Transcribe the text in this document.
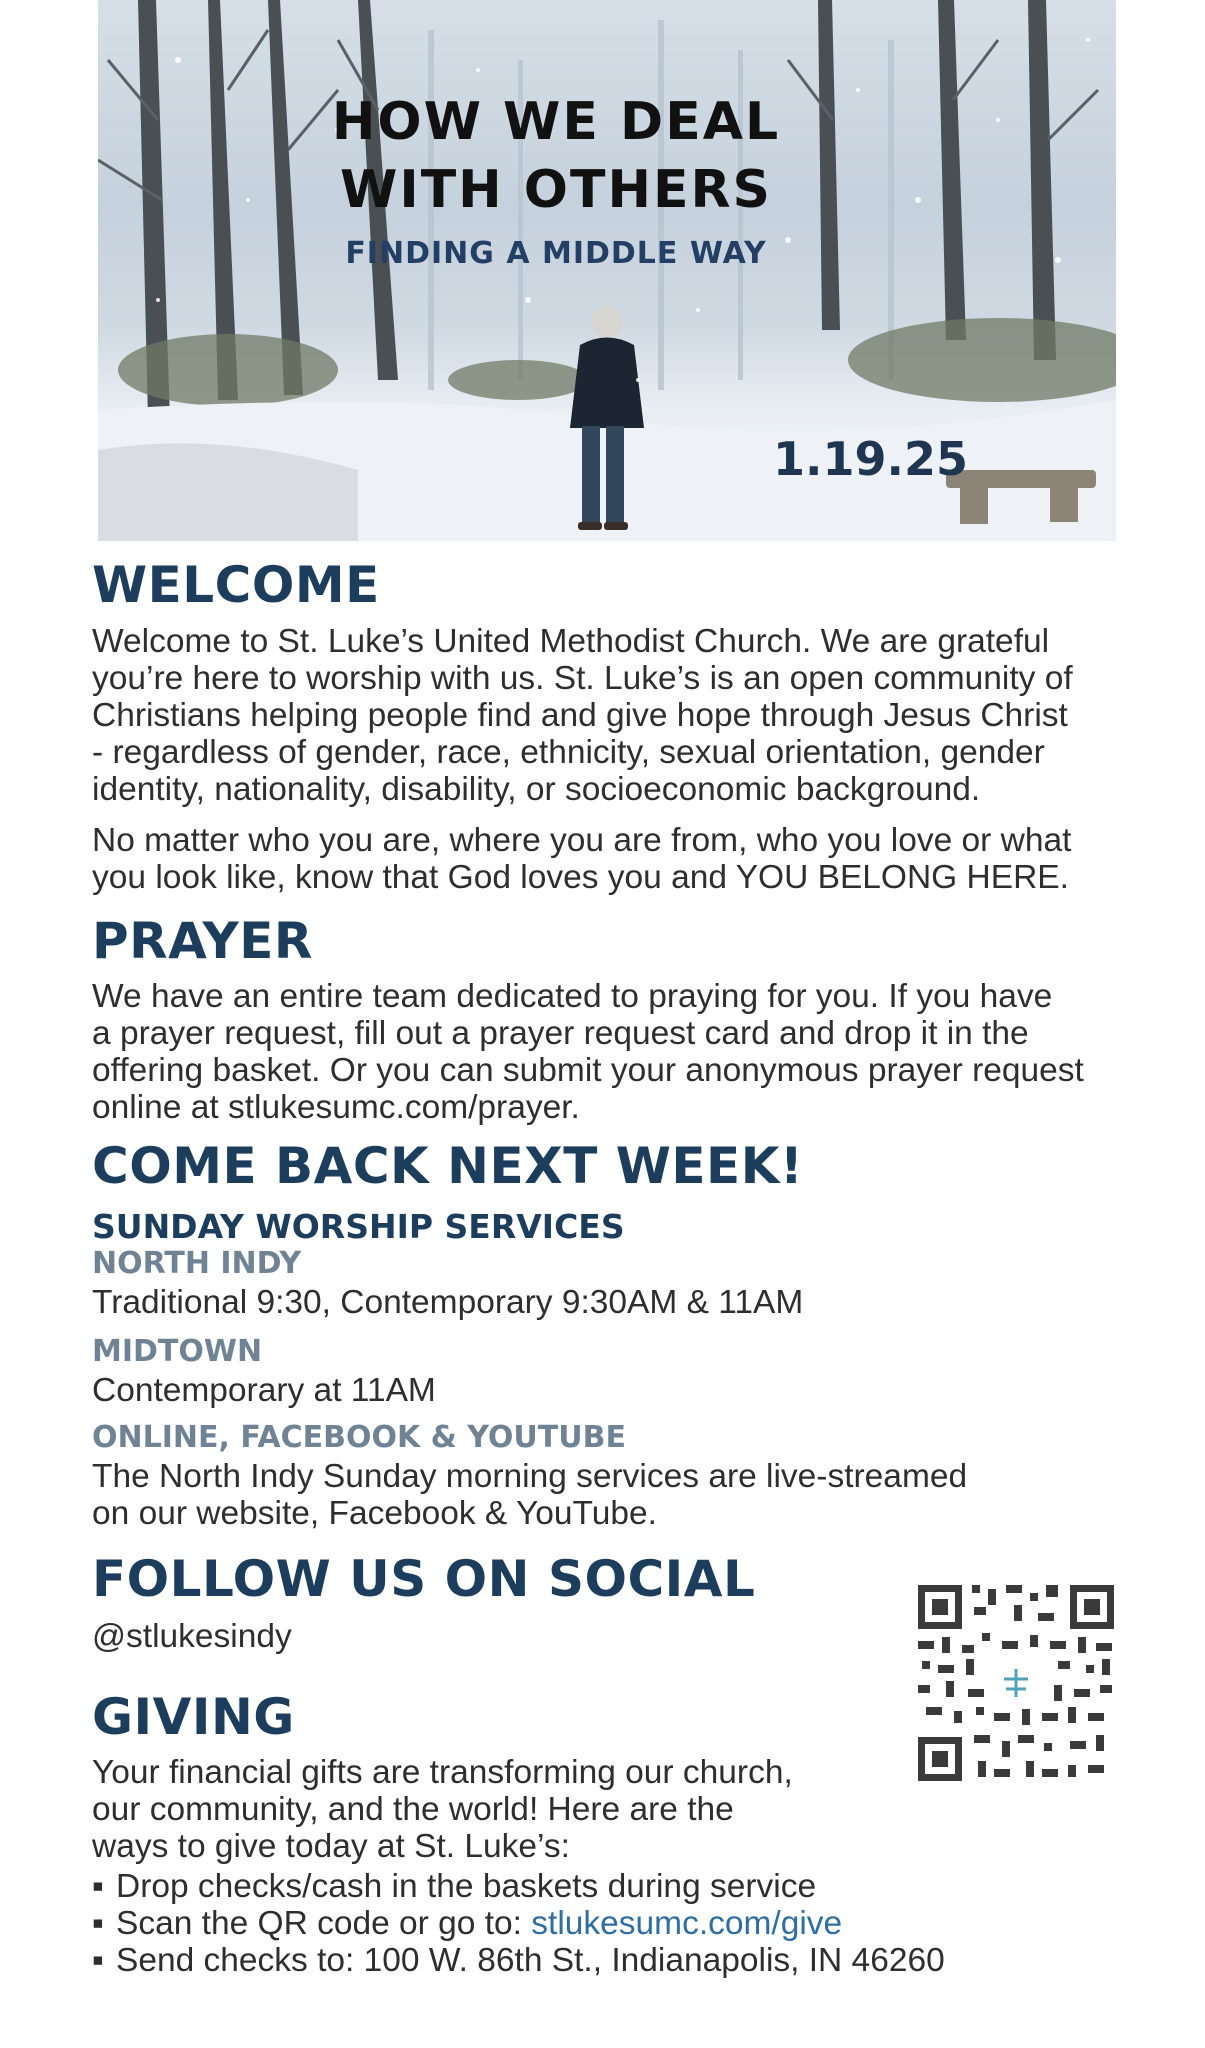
HOW WE DEAL
WITH OTHERS
FINDING A MIDDLE WAY
1.19.25
WELCOME
Welcome to St. Luke’s United Methodist Church. We are grateful
you’re here to worship with us. St. Luke’s is an open community of
Christians helping people find and give hope through Jesus Christ
- regardless of gender, race, ethnicity, sexual orientation, gender
identity, nationality, disability, or socioeconomic background.
No matter who you are, where you are from, who you love or what
you look like, know that God loves you and YOU BELONG HERE.
PRAYER
We have an entire team dedicated to praying for you. If you have
a prayer request, fill out a prayer request card and drop it in the
offering basket. Or you can submit your anonymous prayer request
online at stlukesumc.com/prayer.
COME BACK NEXT WEEK!
SUNDAY WORSHIP SERVICES
NORTH INDY
Traditional 9:30, Contemporary 9:30AM & 11AM
MIDTOWN
Contemporary at 11AM
ONLINE, FACEBOOK & YOUTUBE
The North Indy Sunday morning services are live-streamed
on our website, Facebook & YouTube.
FOLLOW US ON SOCIAL
@stlukesindy
GIVING
Your financial gifts are transforming our church,
our community, and the world! Here are the
ways to give today at St. Luke’s:
▪ Drop checks/cash in the baskets during service
▪ Scan the QR code or go to: stlukesumc.com/give
▪ Send checks to: 100 W. 86th St., Indianapolis, IN 46260
